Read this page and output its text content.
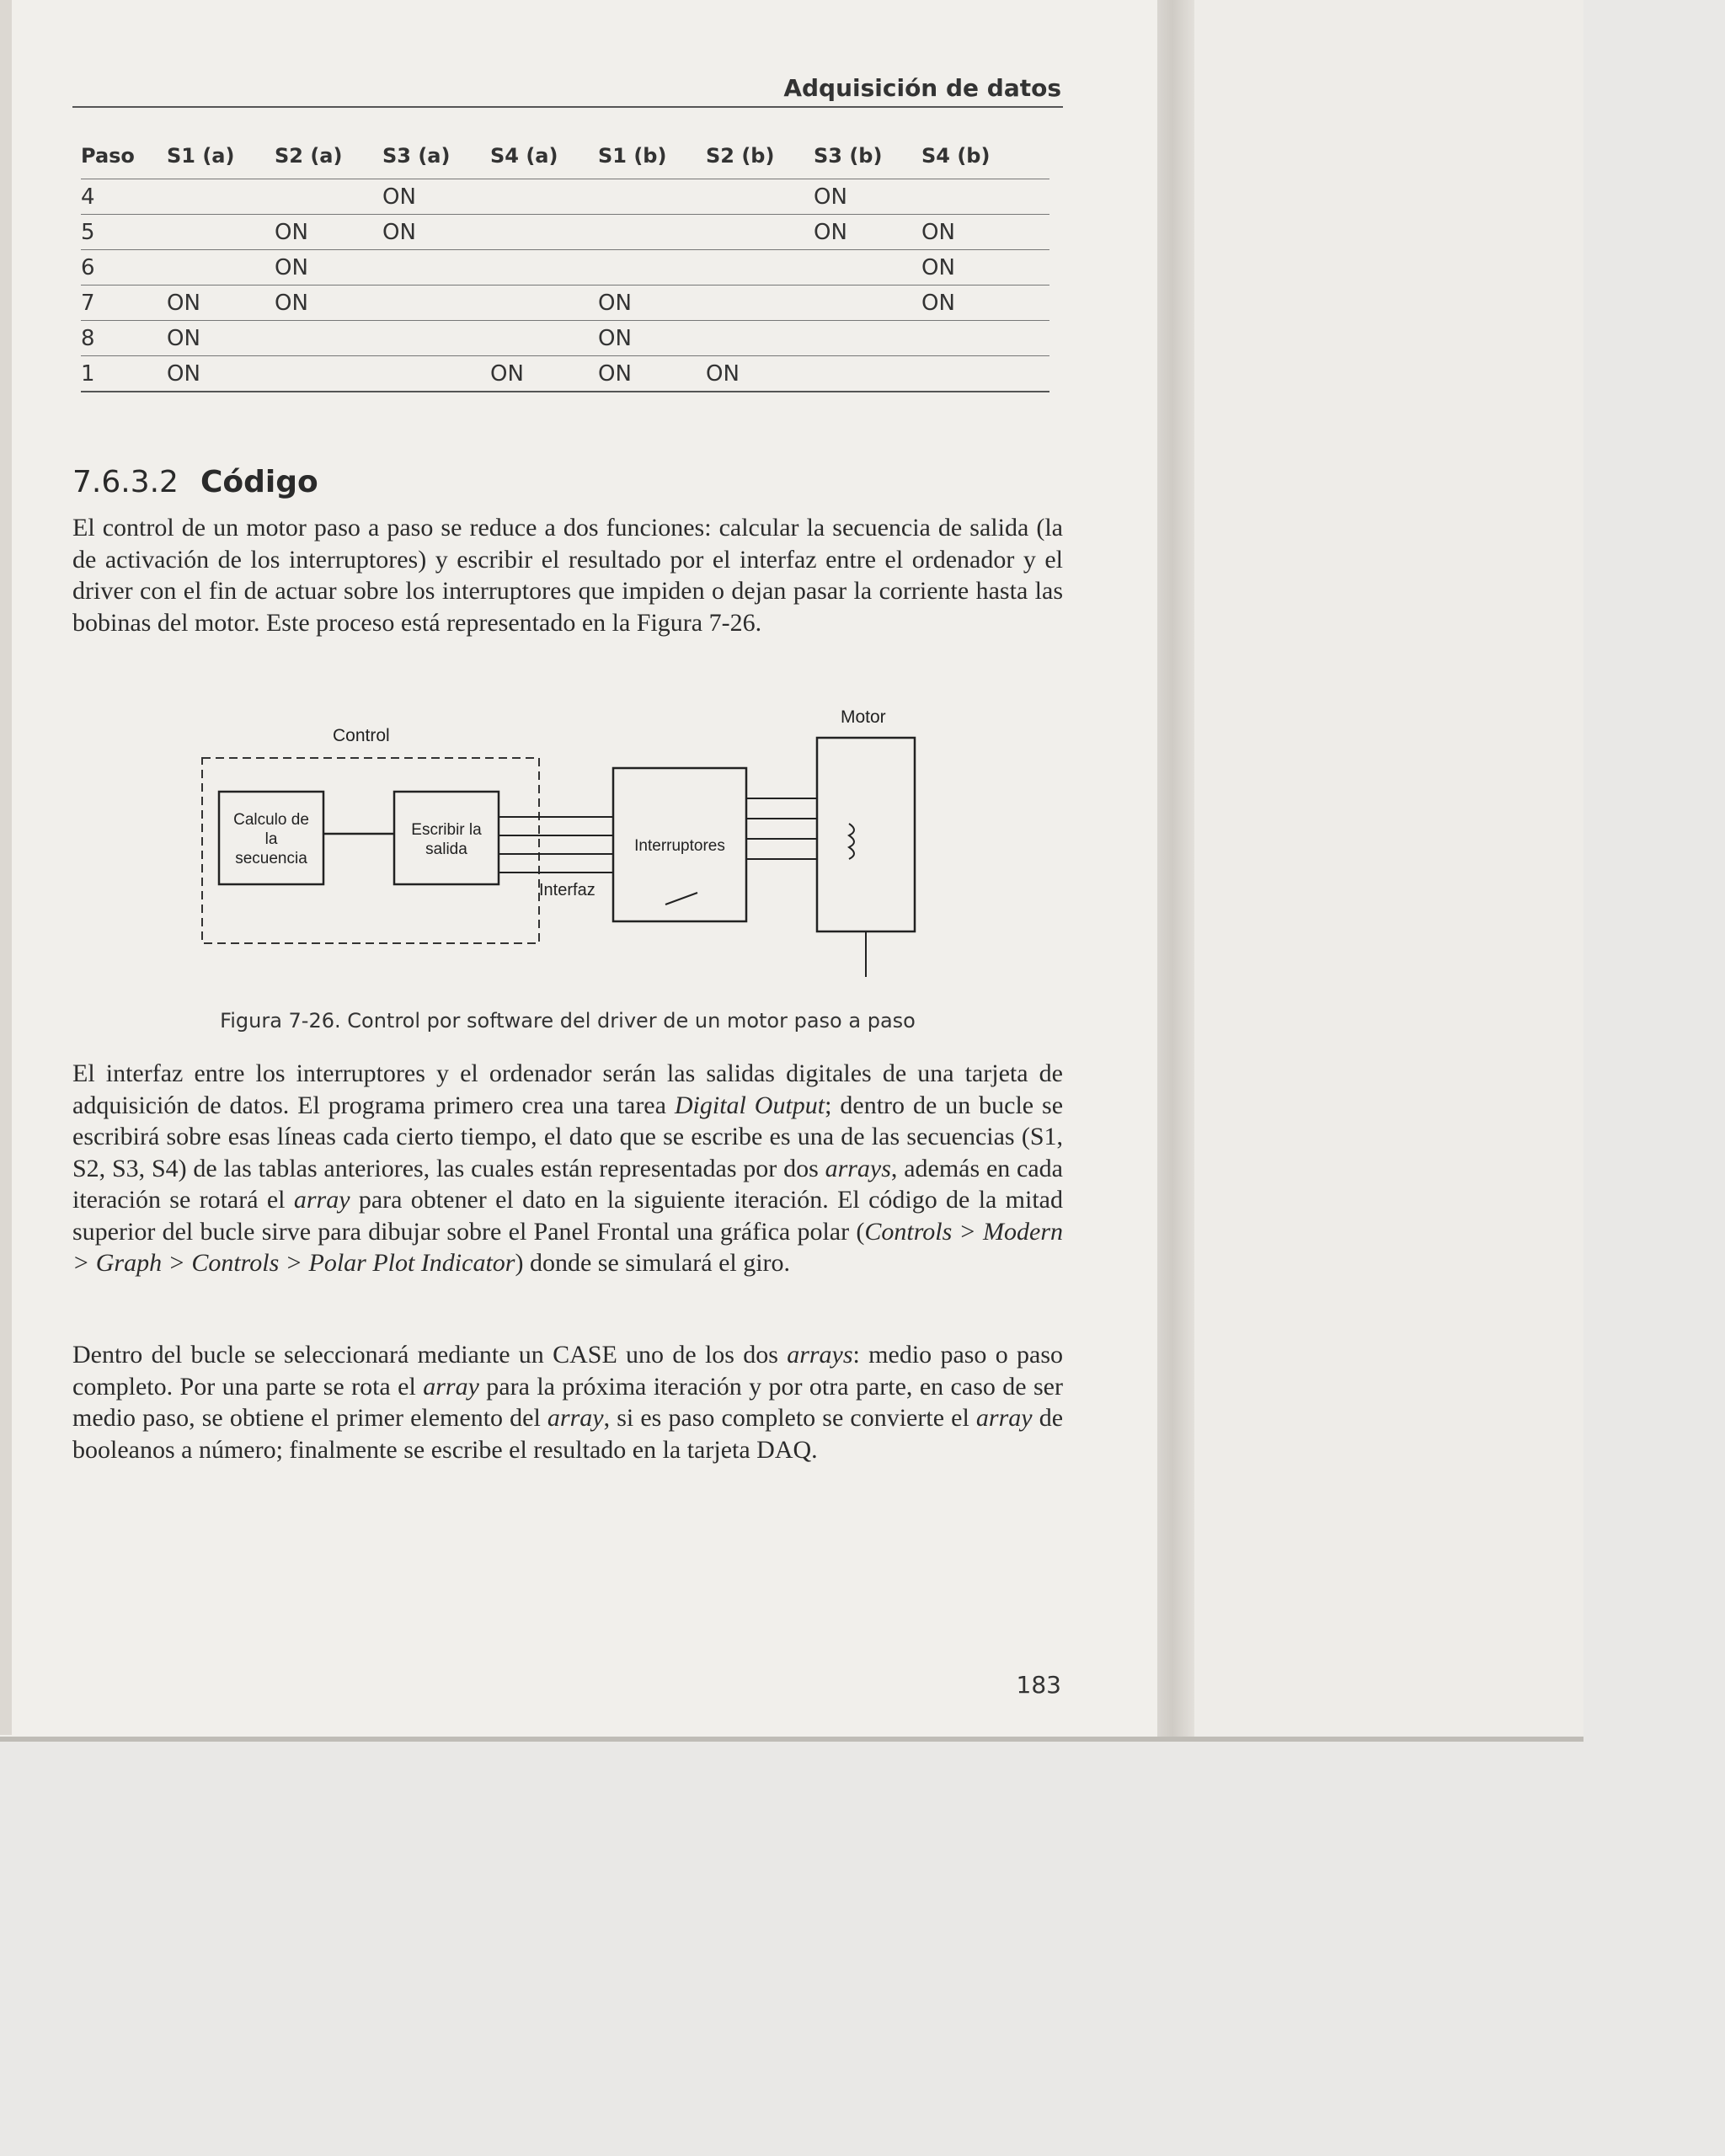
Adquisición de datos
Paso	S1 (a)	S2 (a)	S3 (a)	S4 (a)	S1 (b)	S2 (b)	S3 (b)	S4 (b)
4			ON				ON	
5		ON	ON				ON	ON
6		ON						ON
7	ON	ON			ON			ON
8	ON				ON			
1	ON			ON	ON	ON		
7.6.3.2 Código

El control de un motor paso a paso se reduce a dos funciones: calcular la secuencia de salida (la de activación de los interruptores) y escribir el resultado por el interfaz entre el ordenador y el driver con el fin de actuar sobre los interruptores que impiden o dejan pasar la corriente hasta las bobinas del motor. Este proceso está representado en la Figura 7-26.

Control
Calculo de
la
secuencia
Escribir la
salida
Interfaz
Interruptores
Motor
Figura 7-26. Control por software del driver de un motor paso a paso

El interfaz entre los interruptores y el ordenador serán las salidas digitales de una tarjeta de adquisición de datos. El programa primero crea una tarea Digital Output; dentro de un bucle se escribirá sobre esas líneas cada cierto tiempo, el dato que se escribe es una de las secuencias (S1, S2, S3, S4) de las tablas anteriores, las cuales están representadas por dos arrays, además en cada iteración se rotará el array para obtener el dato en la siguiente iteración. El código de la mitad superior del bucle sirve para dibujar sobre el Panel Frontal una gráfica polar (Controls > Modern > Graph > Controls > Polar Plot Indicator) donde se simulará el giro.

Dentro del bucle se seleccionará mediante un CASE uno de los dos arrays: medio paso o paso completo. Por una parte se rota el array para la próxima iteración y por otra parte, en caso de ser medio paso, se obtiene el primer elemento del array, si es paso completo se convierte el array de booleanos a número; finalmente se escribe el resultado en la tarjeta DAQ.

183
